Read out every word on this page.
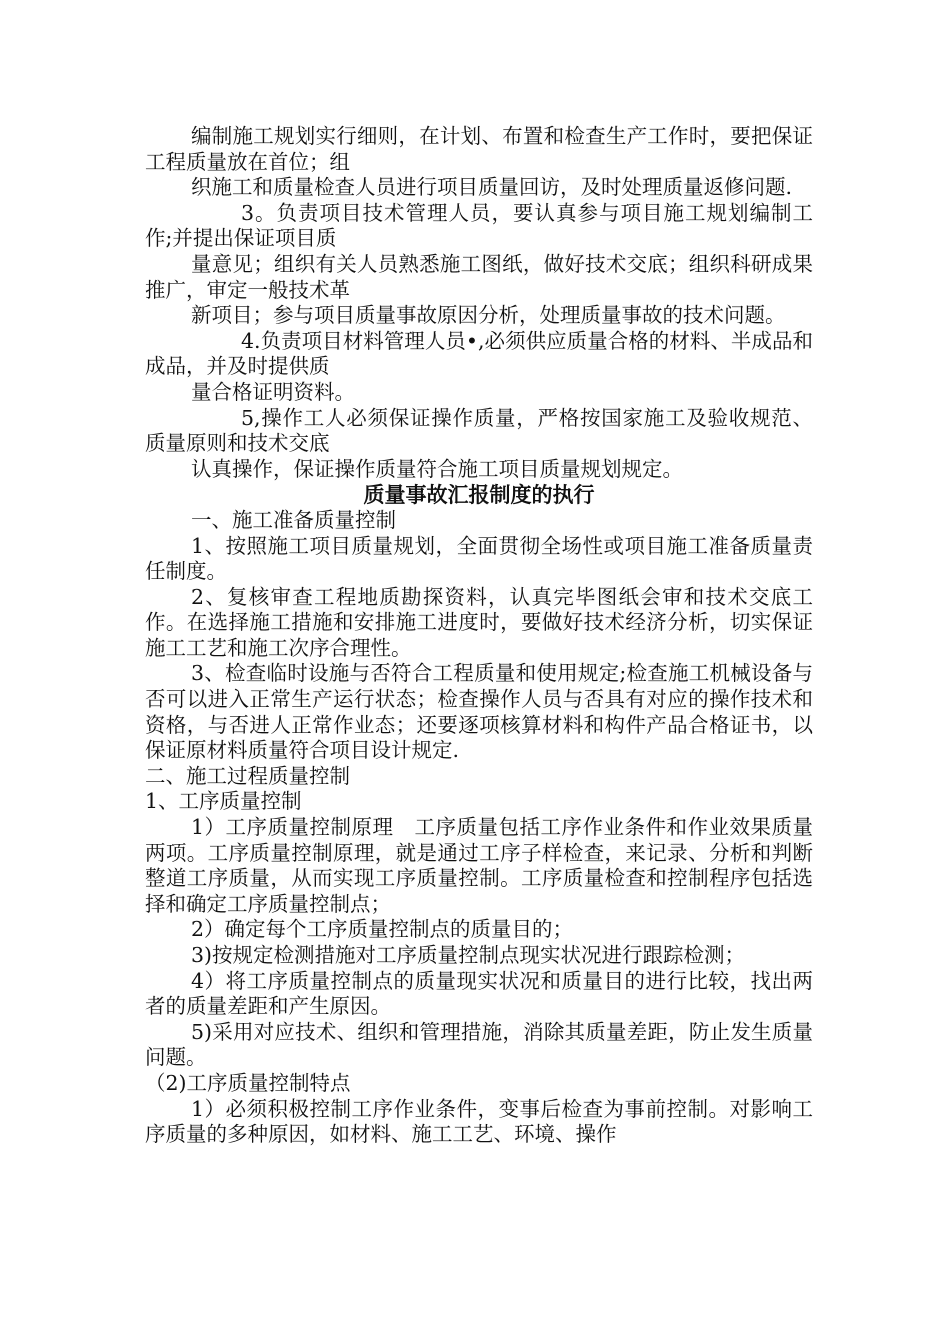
编制施工规划实行细则，在计划、布置和检查生产工作时，要把保证工程质量放在首位；组

织施工和质量检查人员进行项目质量回访，及时处理质量返修问题.

3。负责项目技术管理人员，要认真参与项目施工规划编制工作;并提出保证项目质

量意见；组织有关人员熟悉施工图纸，做好技术交底；组织科研成果推广，审定一般技术革

新项目；参与项目质量事故原因分析，处理质量事故的技术问题。

4.负责项目材料管理人员•,必须供应质量合格的材料、半成品和成品，并及时提供质

量合格证明资料。

5,操作工人必须保证操作质量，严格按国家施工及验收规范、质量原则和技术交底

认真操作，保证操作质量符合施工项目质量规划规定。

质量事故汇报制度的执行

一、施工准备质量控制

1、按照施工项目质量规划，全面贯彻全场性或项目施工准备质量责任制度。

2、复核审查工程地质勘探资料，认真完毕图纸会审和技术交底工作。在选择施工措施和安排施工进度时，要做好技术经济分析，切实保证施工工艺和施工次序合理性。

3、检查临时设施与否符合工程质量和使用规定;检查施工机械设备与否可以进入正常生产运行状态；检查操作人员与否具有对应的操作技术和资格，与否进人正常作业态；还要逐项核算材料和构件产品合格证书，以保证原材料质量符合项目设计规定.

二、施工过程质量控制

1、工序质量控制

1）工序质量控制原理　工序质量包括工序作业条件和作业效果质量两项。工序质量控制原理，就是通过工序子样检查，来记录、分析和判断整道工序质量，从而实现工序质量控制。工序质量检查和控制程序包括选择和确定工序质量控制点；

2）确定每个工序质量控制点的质量目的；

3)按规定检测措施对工序质量控制点现实状况进行跟踪检测；

4）将工序质量控制点的质量现实状况和质量目的进行比较，找出两者的质量差距和产生原因。

5)采用对应技术、组织和管理措施，消除其质量差距，防止发生质量问题。

（2)工序质量控制特点

1）必须积极控制工序作业条件，变事后检查为事前控制。对影响工序质量的多种原因，如材料、施工工艺、环境、操作
